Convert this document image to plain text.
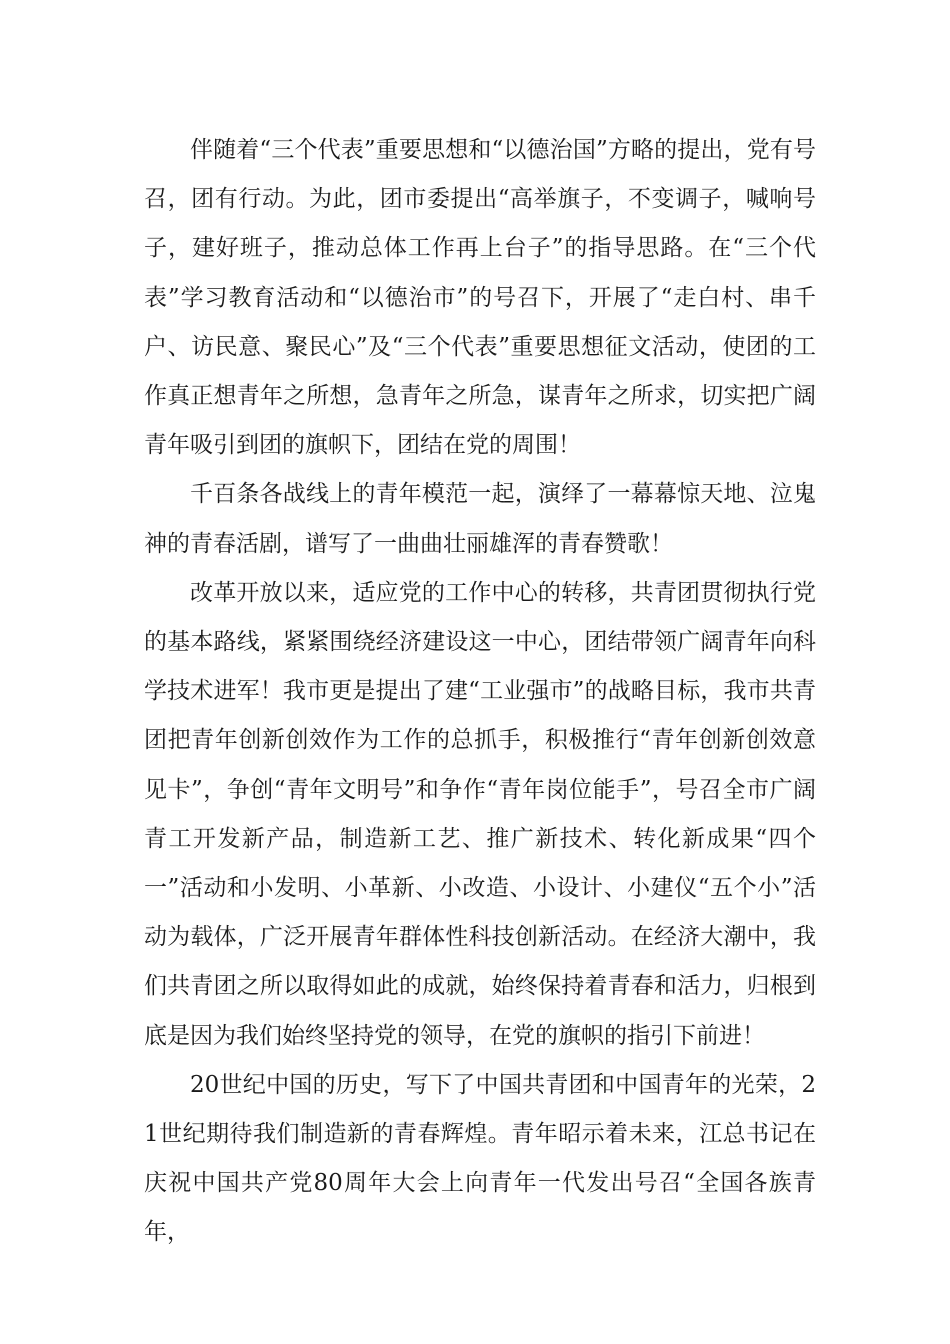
伴随着“三个代表”重要思想和“以德治国”方略的提出，党有号召，团有行动。为此，团市委提出“高举旗子，不变调子，喊响号子，建好班子，推动总体工作再上台子”的指导思路。在“三个代表”学习教育活动和“以德治市”的号召下，开展了“走白村、串千户、访民意、聚民心”及“三个代表”重要思想征文活动，使团的工作真正想青年之所想，急青年之所急，谋青年之所求，切实把广阔青年吸引到团的旗帜下，团结在党的周围！

千百条各战线上的青年模范一起，演绎了一幕幕惊天地、泣鬼神的青春活剧，谱写了一曲曲壮丽雄浑的青春赞歌！

改革开放以来，适应党的工作中心的转移，共青团贯彻执行党的基本路线，紧紧围绕经济建设这一中心，团结带领广阔青年向科学技术进军！我市更是提出了建“工业强市”的战略目标，我市共青团把青年创新创效作为工作的总抓手，积极推行“青年创新创效意见卡”，争创“青年文明号”和争作“青年岗位能手”，号召全市广阔青工开发新产品，制造新工艺、推广新技术、转化新成果“四个一”活动和小发明、小革新、小改造、小设计、小建仪“五个小”活动为载体，广泛开展青年群体性科技创新活动。在经济大潮中，我们共青团之所以取得如此的成就，始终保持着青春和活力，归根到底是因为我们始终坚持党的领导，在党的旗帜的指引下前进！

20世纪中国的历史，写下了中国共青团和中国青年的光荣，21世纪期待我们制造新的青春辉煌。青年昭示着未来，江总书记在庆祝中国共产党80周年大会上向青年一代发出号召“全国各族青年，
